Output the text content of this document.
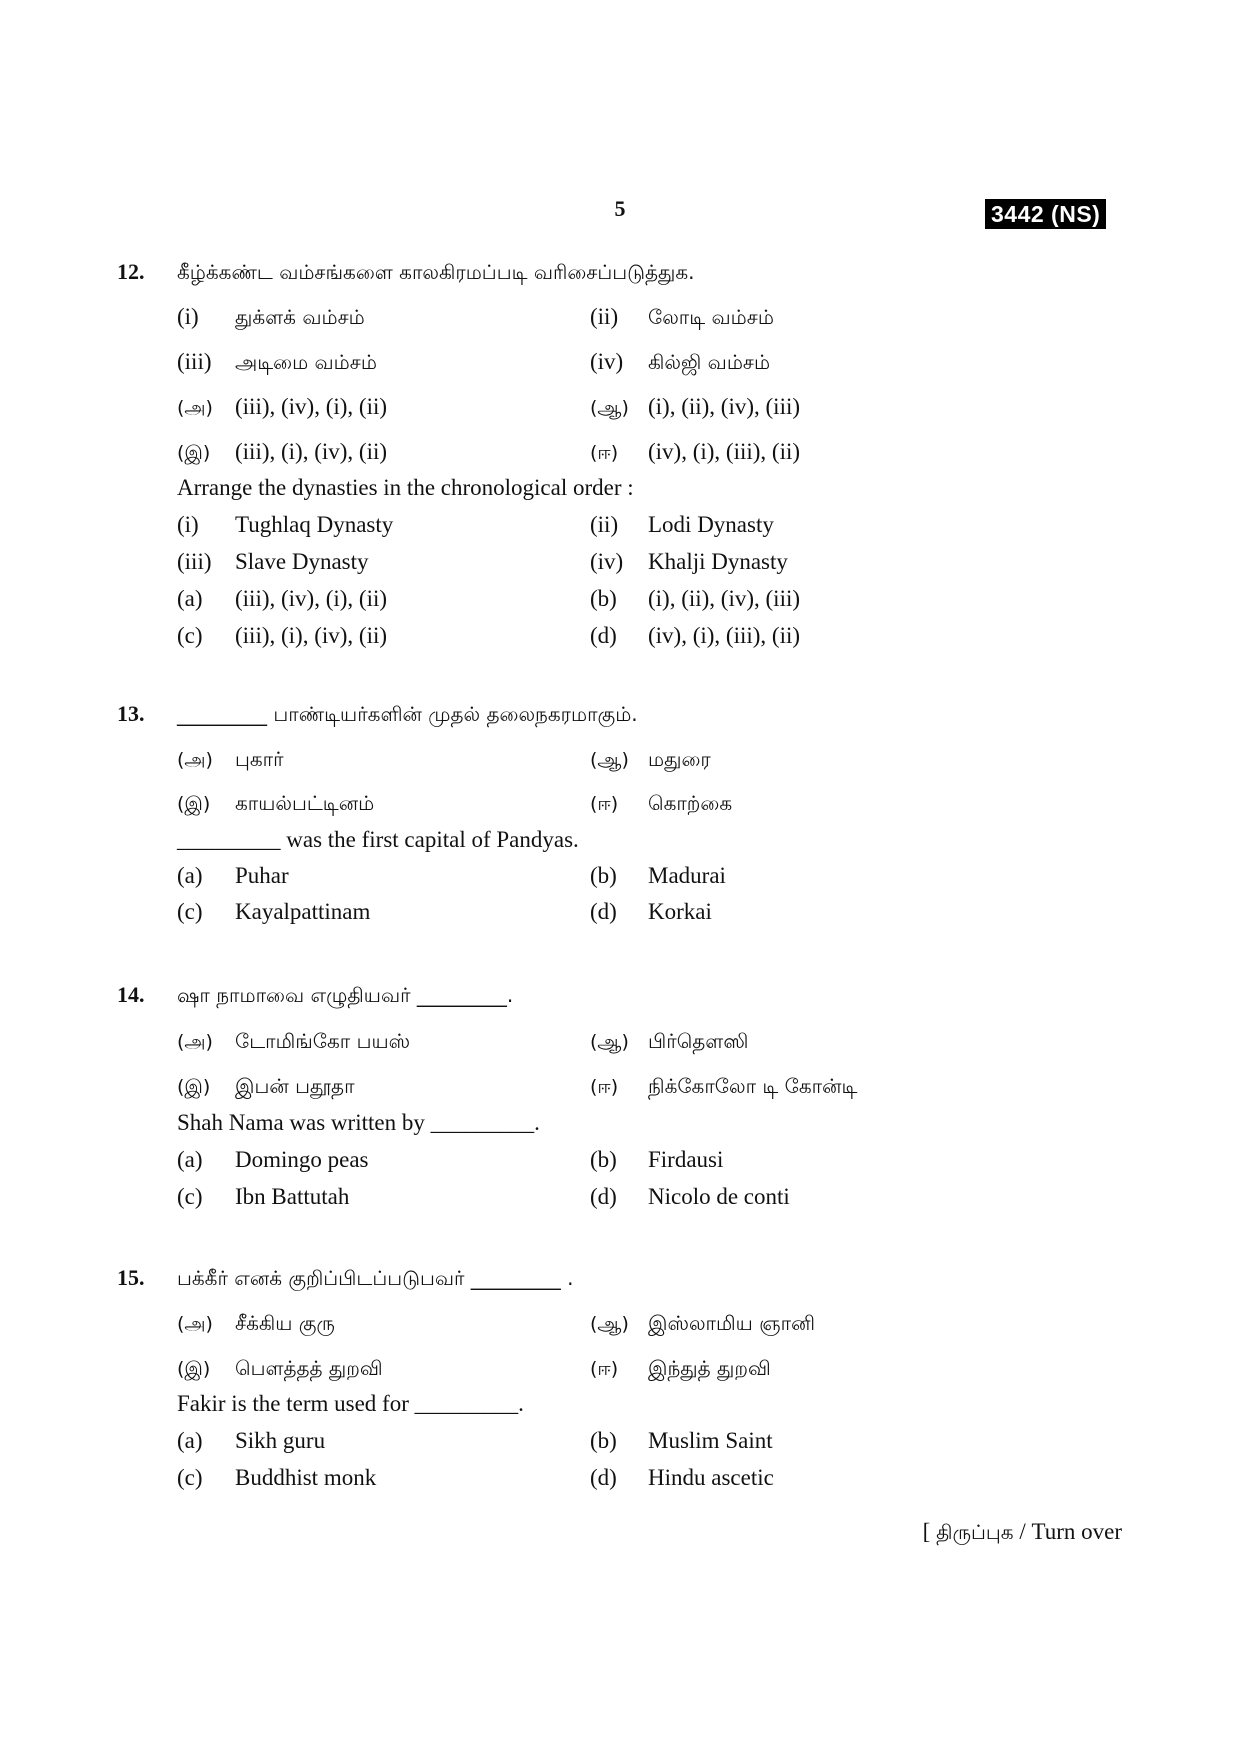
5	3442 (NS)
12.	கீழ்க்கண்ட வம்சங்களை காலகிரமப்படி வரிசைப்படுத்துக.
(i) துக்ளக் வம்சம்	(ii) லோடி வம்சம்
(iii) அடிமை வம்சம்	(iv) கில்ஜி வம்சம்
(அ) (iii), (iv), (i), (ii)	(ஆ) (i), (ii), (iv), (iii)
(இ) (iii), (i), (iv), (ii)	(ஈ) (iv), (i), (iii), (ii)
Arrange the dynasties in the chronological order :
(i) Tughlaq Dynasty	(ii) Lodi Dynasty
(iii) Slave Dynasty	(iv) Khalji Dynasty
(a) (iii), (iv), (i), (ii)	(b) (i), (ii), (iv), (iii)
(c) (iii), (i), (iv), (ii)	(d) (iv), (i), (iii), (ii)
13.	_________ பாண்டியர்களின் முதல் தலைநகரமாகும்.
(அ) புகார்	(ஆ) மதுரை
(இ) காயல்பட்டினம்	(ஈ) கொற்கை
_________ was the first capital of Pandyas.
(a) Puhar	(b) Madurai
(c) Kayalpattinam	(d) Korkai
14.	ஷா நாமாவை எழுதியவர் _________.
(அ) டோமிங்கோ பயஸ்	(ஆ) பிர்தௌஸி
(இ) இபன் பதூதா	(ஈ) நிக்கோலோ டி கோன்டி
Shah Nama was written by _________.
(a) Domingo peas	(b) Firdausi
(c) Ibn Battutah	(d) Nicolo de conti
15.	பக்கீர் எனக் குறிப்பிடப்படுபவர் _________ .
(அ) சீக்கிய குரு	(ஆ) இஸ்லாமிய ஞானி
(இ) பௌத்தத் துறவி	(ஈ) இந்துத் துறவி
Fakir is the term used for _________.
(a) Sikh guru	(b) Muslim Saint
(c) Buddhist monk	(d) Hindu ascetic
[ திருப்புக / Turn over
